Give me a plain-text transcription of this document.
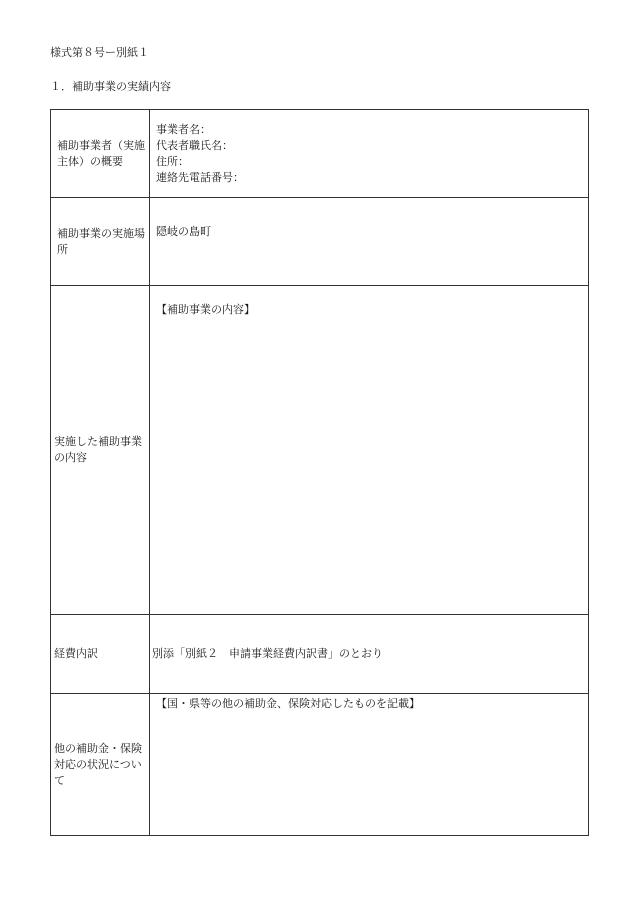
様式第８号ー別紙１
１．補助事業の実績内容
補助事業者（実施主体）の概要	事業者名：
代表者職氏名：
住所：
連絡先電話番号：

補助事業の実施場所	隠岐の島町

実施した補助事業の内容	【補助事業の内容】

経費内訳	別添「別紙２　申請事業経費内訳書」のとおり

他の補助金・保険対応の状況について	【国・県等の他の補助金、保険対応したものを記載】
